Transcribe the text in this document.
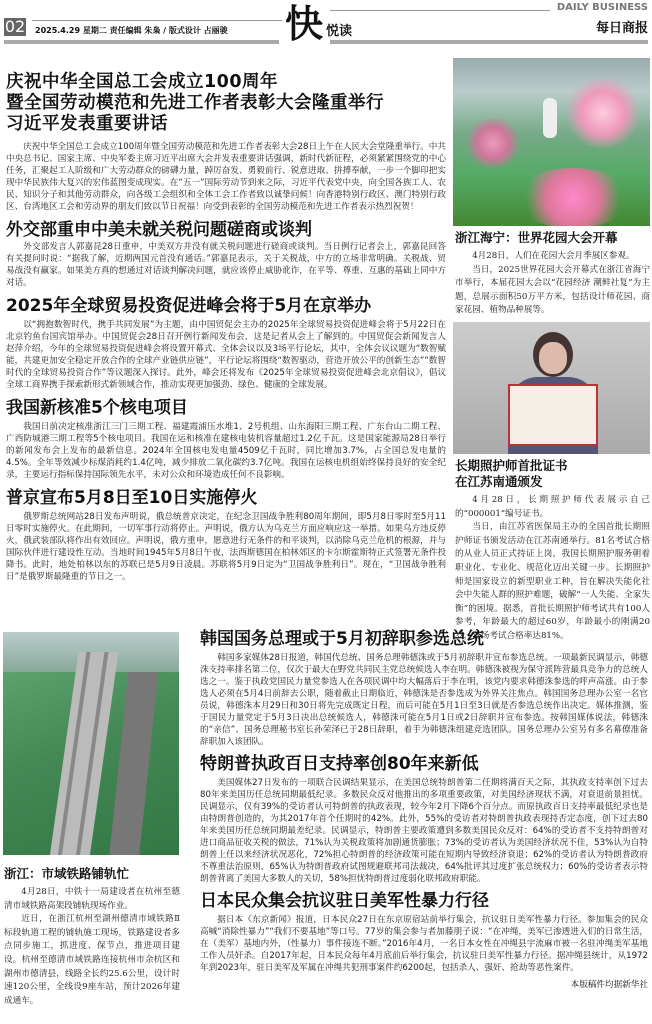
02 2025.4.29 星期二 责任编辑 朱枭 / 版式设计 占丽骏 快 悦读
DAILY BUSINESS
每日商报
庆祝中华全国总工会成立100周年
暨全国劳动模范和先进工作者表彰大会隆重举行
习近平发表重要讲话
庆祝中华全国总工会成立100周年暨全国劳动模范和先进工作者表彰大会28日上午在人民大会堂隆重举行。中共中央总书记、国家主席、中央军委主席习近平出席大会并发表重要讲话强调，新时代新征程，必须紧紧围绕党的中心任务，汇聚起工人阶级和广大劳动群众的磅礴力量，踔厉奋发、勇毅前行、锐意进取、拼搏奉献，一步一个脚印把实现中华民族伟大复兴的宏伟蓝图变成现实。在“五一”国际劳动节到来之际，习近平代表党中央，向全国各族工人、农民、知识分子和其他劳动群众，向各级工会组织和全体工会工作者致以诚挚问候！向香港特别行政区、澳门特别行政区、台湾地区工会和劳动界的朋友们致以节日祝福！向受到表彰的全国劳动模范和先进工作者表示热烈祝贺！
外交部重申中美未就关税问题磋商或谈判
外交部发言人郭嘉昆28日重申，中美双方并没有就关税问题进行磋商或谈判。当日例行记者会上，郭嘉昆回答有关提问时说：“据我了解，近期两国元首没有通话。”郭嘉昆表示，关于关税战，中方的立场非常明确。关税战、贸易战没有赢家。如果美方真的想通过对话谈判解决问题，就应该停止威胁讹诈，在平等、尊重、互惠的基础上同中方对话。
2025年全球贸易投资促进峰会将于5月在京举办
以“拥抱数智时代，携手共同发展”为主题，由中国贸促会主办的2025年全球贸易投资促进峰会将于5月22日在北京钓鱼台国宾馆举办。中国贸促会28日召开例行新闻发布会，这是记者从会上了解到的。中国贸促会新闻发言人赵萍介绍，今年的全球贸易投资促进峰会将设置开幕式、全体会议以及3场平行论坛，其中，全体会议议题为“数智赋能，共建更加安全稳定开放合作的全球产业链供应链”，平行论坛将围绕“数智驱动，营造开放公平的创新生态”“数智时代的全球贸易投资合作”等议题深入探讨。此外，峰会还将发布《2025年全球贸易投资促进峰会北京倡议》，倡议全球工商界携手探索新形式新领域合作，推动实现更加强劲、绿色、健康的全球发展。
我国新核准5个核电项目
我国日前决定核准浙江三门三期工程、福建霞浦压水堆1、2号机组、山东海阳三期工程、广东台山二期工程、广西防城港三期工程等5个核电项目。我国在运和核准在建核电装机容量超过1.2亿千瓦。这是国家能源局28日举行的新闻发布会上发布的最新信息。2024年全国核电发电量4509亿千瓦时，同比增加3.7%，占全国总发电量的4.5%。全年等效减少标煤消耗约1.4亿吨，减少排放二氧化碳约3.7亿吨。我国在运核电机组始终保持良好的安全纪录，主要运行指标保持国际领先水平，未对公众和环境造成任何不良影响。
普京宣布5月8日至10日实施停火
俄罗斯总统网站28日发布声明说，俄总统普京决定，在纪念卫国战争胜利80周年期间，即5月8日零时至5月11日零时实施停火。在此期间，一切军事行动将停止。声明说，俄方认为乌克兰方面应响应这一举措。如果乌方违反停火，俄武装部队将作出有效回应。声明说，俄方重申，愿意进行无条件的和平谈判，以消除乌克兰危机的根源，并与国际伙伴进行建设性互动。当地时间1945年5月8日午夜，法西斯德国在柏林郊区的卡尔斯霍斯特正式签署无条件投降书。此时，地处柏林以东的苏联已是5月9日凌晨。苏联将5月9日定为“卫国战争胜利日”。现在，“卫国战争胜利日”是俄罗斯最隆重的节日之一。
浙江海宁：世界花园大会开幕
4月28日，人们在花园大会月季展区参观。
当日，2025世界花园大会开幕式在浙江省海宁市举行，本届花园大会以“花园经济 潮鲜社复”为主题，总展示面积50万平方米，包括设计师花园、商家花园、植物品种展等。
长期照护师首批证书
在江苏南通颁发
4月28日，长期照护师代表展示自己的“000001”编号证书。
当日，由江苏省医保局主办的全国首批长期照护师证书颁发活动在江苏南通举行。81名考试合格的从业人员正式持证上岗，我国长期照护服务朝着职业化、专业化、规范化迈出关键一步。长期照护师是国家设立的新型职业工种，旨在解决失能化社会中失能人群的照护难题，破解“一人失能、全家失衡”的困境。据悉，首批长期照护师考试共有100人参考，年龄最大的超过60岁，年龄最小的刚满20岁，首场考试合格率达81%。
浙江：市域铁路铺轨忙
4月28日，中铁十一局建设者在杭州至德清市域铁路高架段铺轨现场作业。
近日，在浙江杭州至湖州德清市域铁路Ⅱ标段轨道工程的铺轨施工现场，铁路建设者多点同步施工，抓进度、保节点，推进项目建设。杭州至德清市域铁路连接杭州市余杭区和湖州市德清县，线路全长约25.6公里，设计时速120公里，全线设9座车站，预计2026年建成通车。
韩国国务总理或于5月初辞职参选总统
韩国多家媒体28日报道，韩国代总统、国务总理韩德洙或于5月初辞职并宣布参选总统。一项最新民调显示，韩德洙支持率排名第二位，仅次于最大在野党共同民主党总统候选人李在明。韩德洙被视为保守派阵营最具竞争力的总统人选之一。鉴于执政党国民力量党参选人在各项民调中均大幅落后于李在明，该党内要求韩德洙参选的呼声高涨。由于参选人必须在5月4日前辞去公职，随着截止日期临近，韩德洙是否参选成为外界关注焦点。韩国国务总理办公室一名官员说，韩德洙本月29日和30日将先完成既定日程，而后可能在5月1日至3日就是否参选总统作出决定。媒体推测，鉴于国民力量党定于5月3日决出总统候选人，韩德洙可能在5月1日或2日辞职并宣布参选。按韩国媒体说法，韩德洙的“亲信”、国务总理秘书室长孙荣泽已于28日辞职，着手为韩德洙组建竞选团队。国务总理办公室另有多名幕僚准备辞职加入该团队。
特朗普执政百日支持率创80年来新低
美国媒体27日发布的一项联合民调结果显示，在美国总统特朗普第二任期将满百天之际，其执政支持率创下过去80年来美国历任总统同期最低纪录。多数民众反对他推出的多项重要政策，对美国经济现状不满，对衰退前景担忧。民调显示，仅有39%的受访者认可特朗普的执政表现，较今年2月下降6个百分点。而原执政百日支持率最低纪录也是由特朗普创造的，为其2017年首个任期时的42%。此外，55%的受访者对特朗普执政表现持否定态度，创下过去80年来美国历任总统同期最差纪录。民调显示，特朗普主要政策遭到多数美国民众反对：64%的受访者不支持特朗普对进口商品征收关税的做法，71%认为关税政策将加剧通货膨胀；73%的受访者认为美国经济状况不佳，53%认为自特朗普上任以来经济状况恶化，72%担心特朗普的经济政策可能在短期内导致经济衰退；62%的受访者认为特朗普政府不尊重法治原则，65%认为特朗普政府试图规避联邦司法裁决，64%批评其过度扩张总统权力；60%的受访者表示特朗普背离了美国大多数人的关切，58%担忧特朗普过度弱化联邦政府职能。
日本民众集会抗议驻日美军性暴力行径
据日本《东京新闻》报道，日本民众27日在东京原宿站前举行集会，抗议驻日美军性暴力行径。参加集会的民众高喊“消除性暴力”“我们不要基地”等口号。77岁的集会参与者加藤朋子说：“在冲绳，美军已渗透进入们的日常生活，在（美军）基地内外，（性暴力）事件接连不断。”2016年4月，一名日本女性在冲绳县宇流麻市被一名驻冲绳美军基地工作人员奸杀。自2017年起，日本民众每年4月底前后举行集会，抗议驻日美军性暴力行径。据冲绳县统计，从1972年到2023年，驻日美军及军属在冲绳共犯刑事案件约6200起，包括杀人、强奸、抢劫等恶性案件。
本版稿件均据新华社
